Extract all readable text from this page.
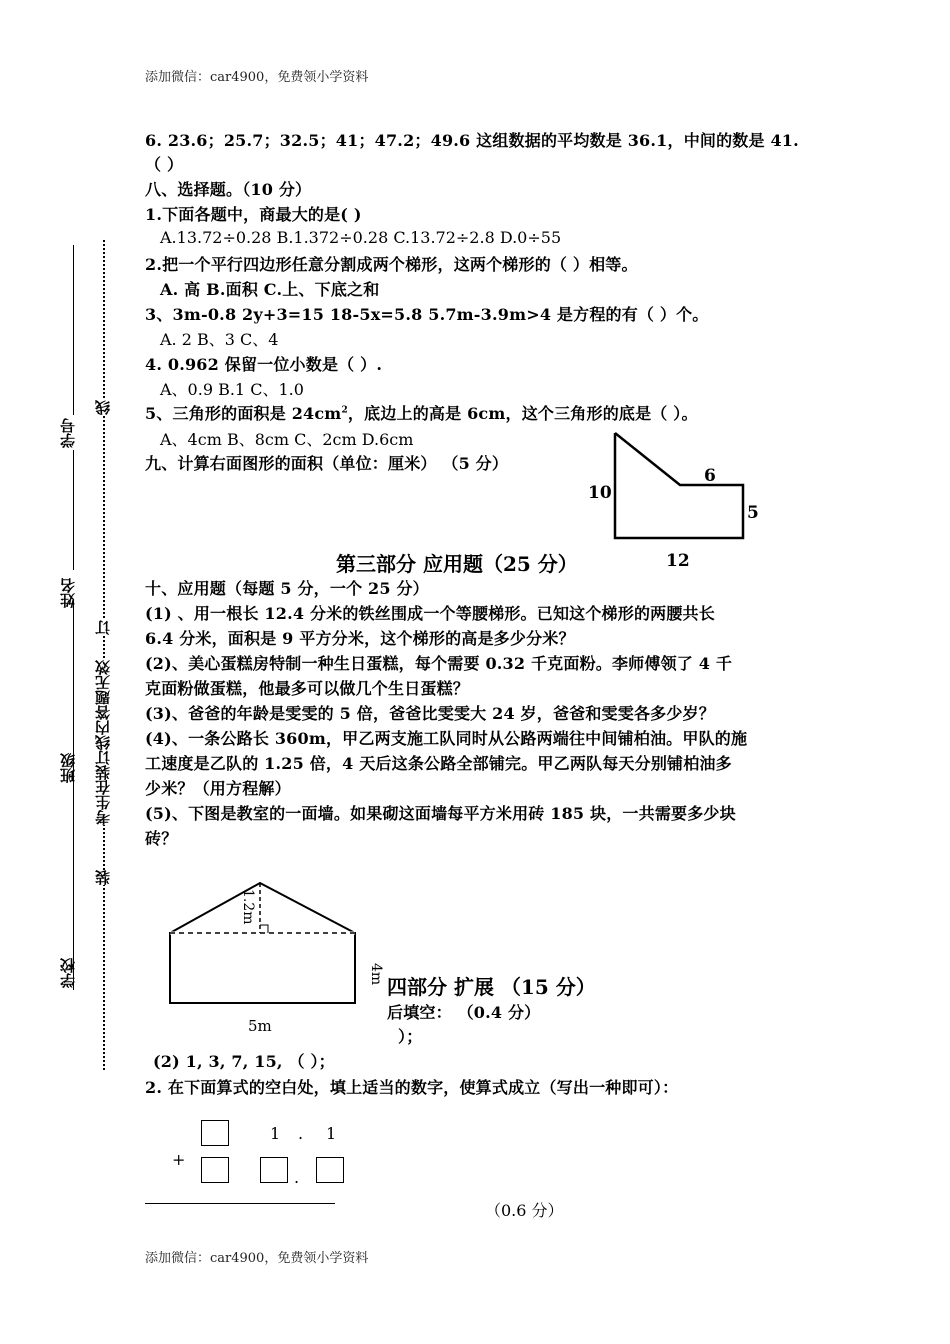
添加微信：car4900，免费领小学资料
添加微信：car4900，免费领小学资料
学校
班级
姓名
学号
装
订
线
考生在装订线内答题无效
6. 23.6；25.7；32.5；41；47.2；49.6 这组数据的平均数是 36.1，中间的数是 41.
（ ）
八、选择题。（10 分）
1.下面各题中，商最大的是( )
A.13.72÷0.28 B.1.372÷0.28 C.13.72÷2.8 D.0÷55
2.把一个平行四边形任意分割成两个梯形，这两个梯形的（ ）相等。
A. 高 B.面积 C.上、下底之和
3、3m-0.8 2y+3=15 18-5x=5.8 5.7m-3.9m>4 是方程的有（ ）个。
A. 2 B、3 C、4
4. 0.962 保留一位小数是（ ）.
A、0.9 B.1 C、1.0
5、三角形的面积是 $24cm^2$，底边上的高是 6cm，这个三角形的底是（ ）。
A、4cm B、8cm C、2cm D.6cm
九、计算右面图形的面积（单位：厘米） （5 分）
10
6
5
12
第三部分 应用题（25 分）
十、应用题（每题 5 分，一个 25 分）
(1) 、用一根长 12.4 分米的铁丝围成一个等腰梯形。已知这个梯形的两腰共长
6.4 分米，面积是 9 平方分米，这个梯形的高是多少分米？
(2)、美心蛋糕房特制一种生日蛋糕，每个需要 0.32 千克面粉。李师傅领了 4 千
克面粉做蛋糕，他最多可以做几个生日蛋糕？
(3)、爸爸的年龄是雯雯的 5 倍，爸爸比雯雯大 24 岁，爸爸和雯雯各多少岁？
(4)、一条公路长 360m，甲乙两支施工队同时从公路两端往中间铺柏油。甲队的施
工速度是乙队的 1.25 倍，4 天后这条公路全部铺完。甲乙两队每天分别铺柏油多
少米？（用方程解）
(5)、下图是教室的一面墙。如果砌这面墙每平方米用砖 185 块，一共需要多少块
砖？
1.2m
4m
5m
四部分 扩展 （15 分）
后填空： （0.4 分）
）；
(2) 1, 3, 7, 15, （ ）；
2. 在下面算式的空白处，填上适当的数字，使算式成立（写出一种即可）：
1 . 1
+
.
（0.6 分）
